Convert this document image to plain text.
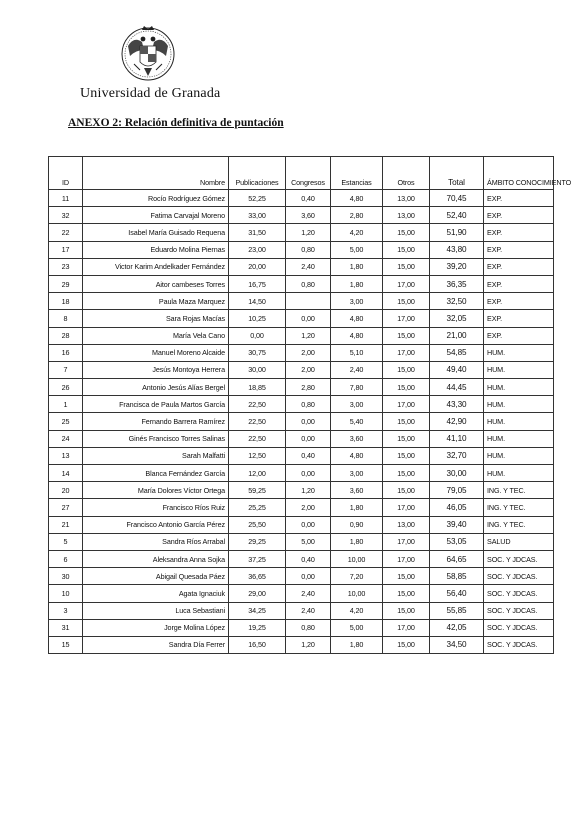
Universidad de Granada
ANEXO 2: Relación definitiva de puntación
ID	Nombre	Publicaciones	Congresos	Estancias	Otros	Total	ÁMBITO CONOCIMIENTO
11	Rocío Rodríguez Gómez	52,25	0,40	4,80	13,00	70,45	EXP.
32	Fatima Carvajal Moreno	33,00	3,60	2,80	13,00	52,40	EXP.
22	Isabel María Guisado Requena	31,50	1,20	4,20	15,00	51,90	EXP.
17	Eduardo Molina Piernas	23,00	0,80	5,00	15,00	43,80	EXP.
23	Victor Karim Andelkader Fernández	20,00	2,40	1,80	15,00	39,20	EXP.
29	Aitor cambeses Torres	16,75	0,80	1,80	17,00	36,35	EXP.
18	Paula Maza Marquez	14,50		3,00	15,00	32,50	EXP.
8	Sara Rojas Macías	10,25	0,00	4,80	17,00	32,05	EXP.
28	María Vela Cano	0,00	1,20	4,80	15,00	21,00	EXP.
16	Manuel Moreno Alcaide	30,75	2,00	5,10	17,00	54,85	HUM.
7	Jesús Montoya Herrera	30,00	2,00	2,40	15,00	49,40	HUM.
26	Antonio Jesús Alías Bergel	18,85	2,80	7,80	15,00	44,45	HUM.
1	Francisca de Paula Martos García	22,50	0,80	3,00	17,00	43,30	HUM.
25	Fernando Barrera Ramírez	22,50	0,00	5,40	15,00	42,90	HUM.
24	Ginés Francisco Torres Salinas	22,50	0,00	3,60	15,00	41,10	HUM.
13	Sarah Malfatti	12,50	0,40	4,80	15,00	32,70	HUM.
14	Blanca Fernández García	12,00	0,00	3,00	15,00	30,00	HUM.
20	María Dolores Víctor Ortega	59,25	1,20	3,60	15,00	79,05	ING. Y TEC.
27	Francisco Ríos Ruiz	25,25	2,00	1,80	17,00	46,05	ING. Y TEC.
21	Francisco Antonio García Pérez	25,50	0,00	0,90	13,00	39,40	ING. Y TEC.
5	Sandra Ríos Arrabal	29,25	5,00	1,80	17,00	53,05	SALUD
6	Aleksandra Anna Sojka	37,25	0,40	10,00	17,00	64,65	SOC. Y JDCAS.
30	Abigail Quesada Páez	36,65	0,00	7,20	15,00	58,85	SOC. Y JDCAS.
10	Agata Ignaciuk	29,00	2,40	10,00	15,00	56,40	SOC. Y JDCAS.
3	Luca Sebastiani	34,25	2,40	4,20	15,00	55,85	SOC. Y JDCAS.
31	Jorge Molina López	19,25	0,80	5,00	17,00	42,05	SOC. Y JDCAS.
15	Sandra Día Ferrer	16,50	1,20	1,80	15,00	34,50	SOC. Y JDCAS.
